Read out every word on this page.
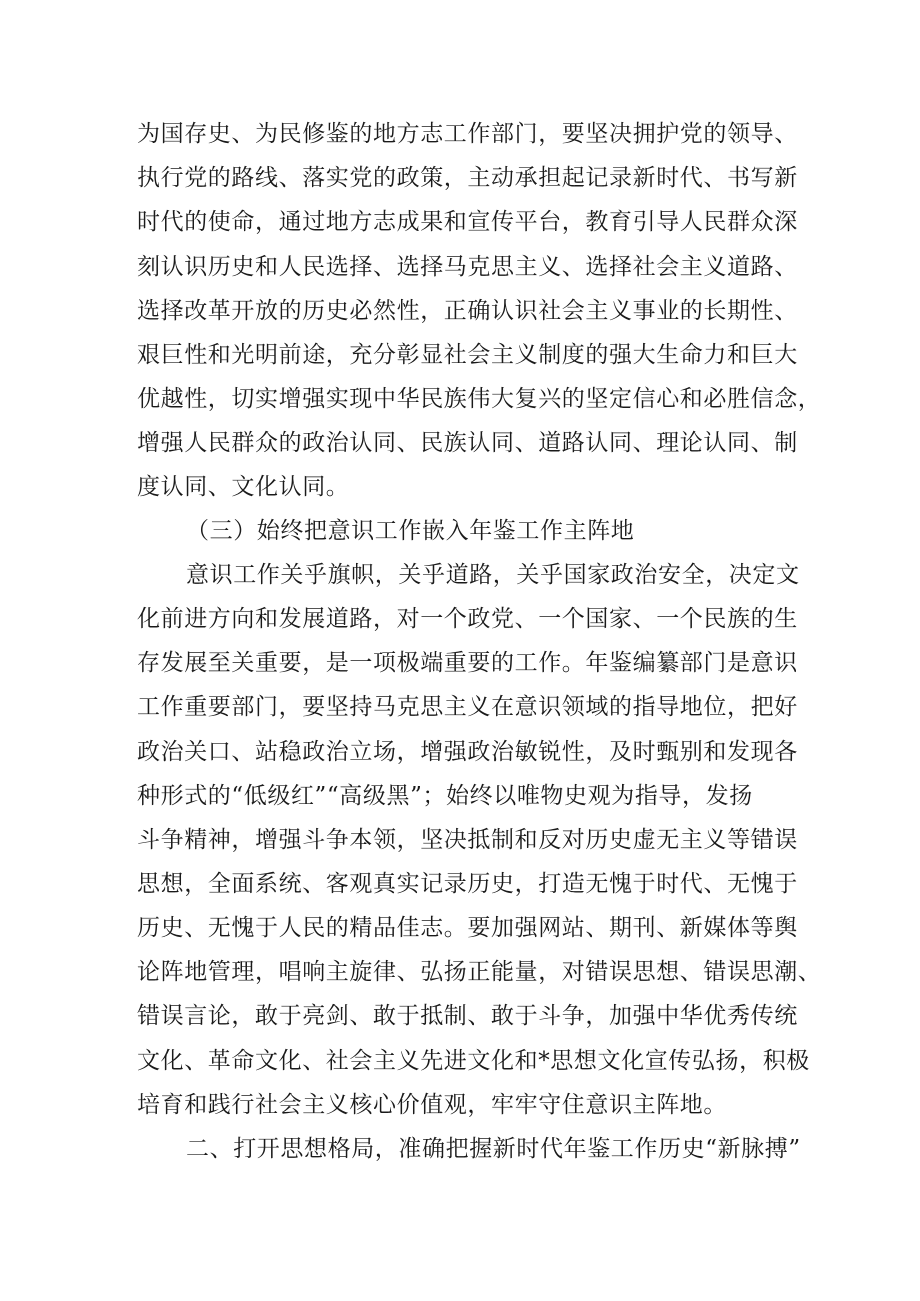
为国存史、为民修鉴的地方志工作部门，要坚决拥护党的领导、
执行党的路线、落实党的政策，主动承担起记录新时代、书写新
时代的使命，通过地方志成果和宣传平台，教育引导人民群众深
刻认识历史和人民选择、选择马克思主义、选择社会主义道路、
选择改革开放的历史必然性，正确认识社会主义事业的长期性、
艰巨性和光明前途，充分彰显社会主义制度的强大生命力和巨大
优越性，切实增强实现中华民族伟大复兴的坚定信心和必胜信念，
增强人民群众的政治认同、民族认同、道路认同、理论认同、制
度认同、文化认同。
（三）始终把意识工作嵌入年鉴工作主阵地
意识工作关乎旗帜，关乎道路，关乎国家政治安全，决定文
化前进方向和发展道路，对一个政党、一个国家、一个民族的生
存发展至关重要，是一项极端重要的工作。年鉴编纂部门是意识
工作重要部门，要坚持马克思主义在意识领域的指导地位，把好
政治关口、站稳政治立场，增强政治敏锐性，及时甄别和发现各
种形式的“低级红”“高级黑”；始终以唯物史观为指导，发扬
斗争精神，增强斗争本领，坚决抵制和反对历史虚无主义等错误
思想，全面系统、客观真实记录历史，打造无愧于时代、无愧于
历史、无愧于人民的精品佳志。要加强网站、期刊、新媒体等舆
论阵地管理，唱响主旋律、弘扬正能量，对错误思想、错误思潮、
错误言论，敢于亮剑、敢于抵制、敢于斗争，加强中华优秀传统
文化、革命文化、社会主义先进文化和*思想文化宣传弘扬，积极
培育和践行社会主义核心价值观，牢牢守住意识主阵地。
二、打开思想格局，准确把握新时代年鉴工作历史“新脉搏”
